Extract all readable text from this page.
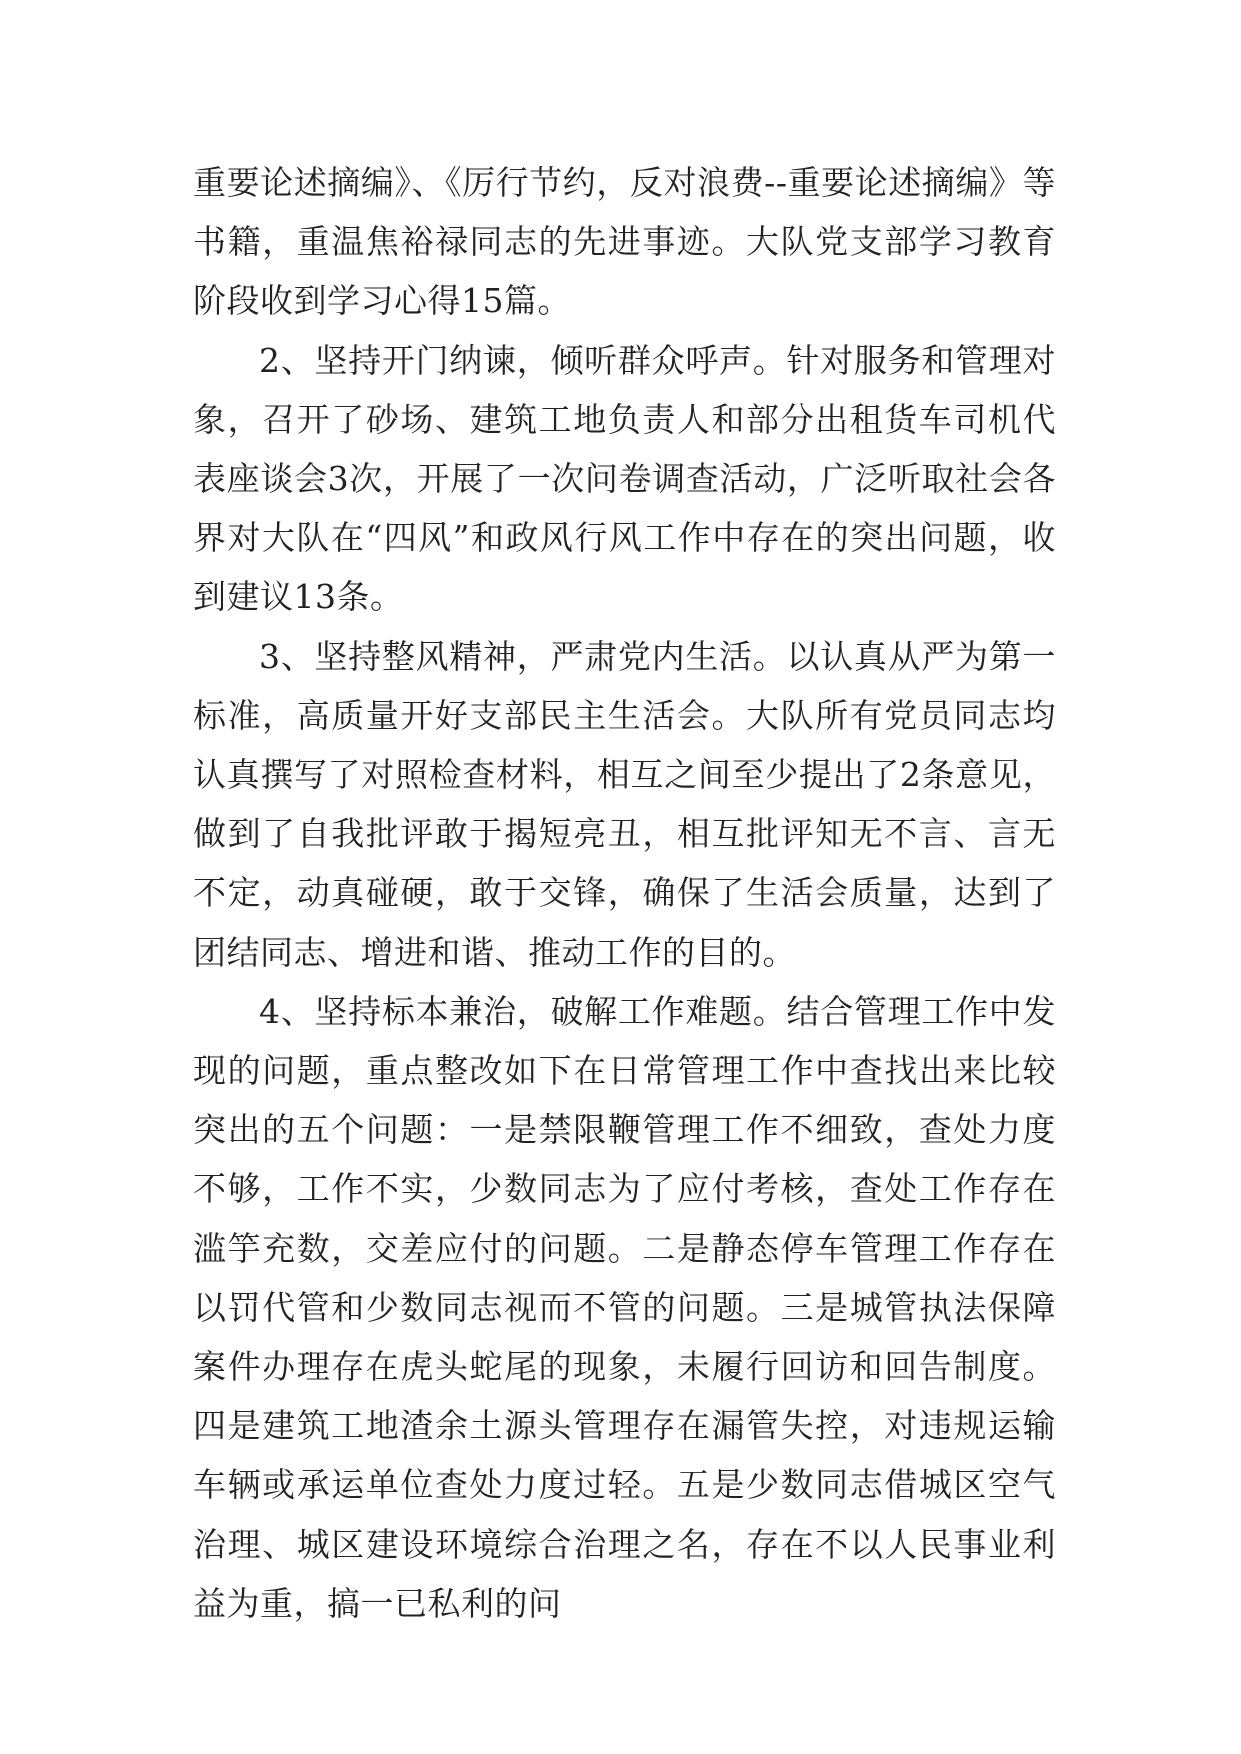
重要论述摘编》、《厉行节约，反对浪费--重要论述摘编》等书籍，重温焦裕禄同志的先进事迹。大队党支部学习教育阶段收到学习心得15篇。

2、坚持开门纳谏，倾听群众呼声。针对服务和管理对象，召开了砂场、建筑工地负责人和部分出租货车司机代表座谈会3次，开展了一次问卷调查活动，广泛听取社会各界对大队在“四风”和政风行风工作中存在的突出问题，收到建议13条。

3、坚持整风精神，严肃党内生活。以认真从严为第一标准，高质量开好支部民主生活会。大队所有党员同志均认真撰写了对照检查材料，相互之间至少提出了2条意见，做到了自我批评敢于揭短亮丑，相互批评知无不言、言无不定，动真碰硬，敢于交锋，确保了生活会质量，达到了团结同志、增进和谐、推动工作的目的。

4、坚持标本兼治，破解工作难题。结合管理工作中发现的问题，重点整改如下在日常管理工作中查找出来比较突出的五个问题：一是禁限鞭管理工作不细致，查处力度不够，工作不实，少数同志为了应付考核，查处工作存在滥竽充数，交差应付的问题。二是静态停车管理工作存在以罚代管和少数同志视而不管的问题。三是城管执法保障案件办理存在虎头蛇尾的现象，未履行回访和回告制度。四是建筑工地渣余土源头管理存在漏管失控，对违规运输车辆或承运单位查处力度过轻。五是少数同志借城区空气治理、城区建设环境综合治理之名，存在不以人民事业利益为重，搞一已私利的问
